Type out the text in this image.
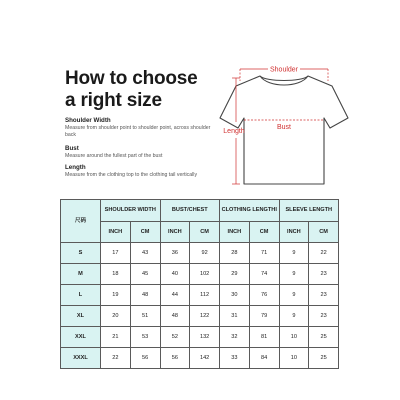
How to choose
a right size

Shoulder Width

Measure from shoulder point to shoulder point, across shoulder back

Bust

Measure around the fullest part of the bust

Length

Measure from the clothing top to the clothing tail vertically

Shoulder
Bust
Length
尺码	SHOULDER WIDTH		BUST/CHEST		CLOTHING LENGTHI		SLEEVE LENGTH	
	INCH	CM	INCH	CM	INCH	CM	INCH	CM
S	17	43	36	92	28	71	9	22
M	18	45	40	102	29	74	9	23
L	19	48	44	112	30	76	9	23
XL	20	51	48	122	31	79	9	23
XXL	21	53	52	132	32	81	10	25
XXXL	22	56	56	142	33	84	10	25
